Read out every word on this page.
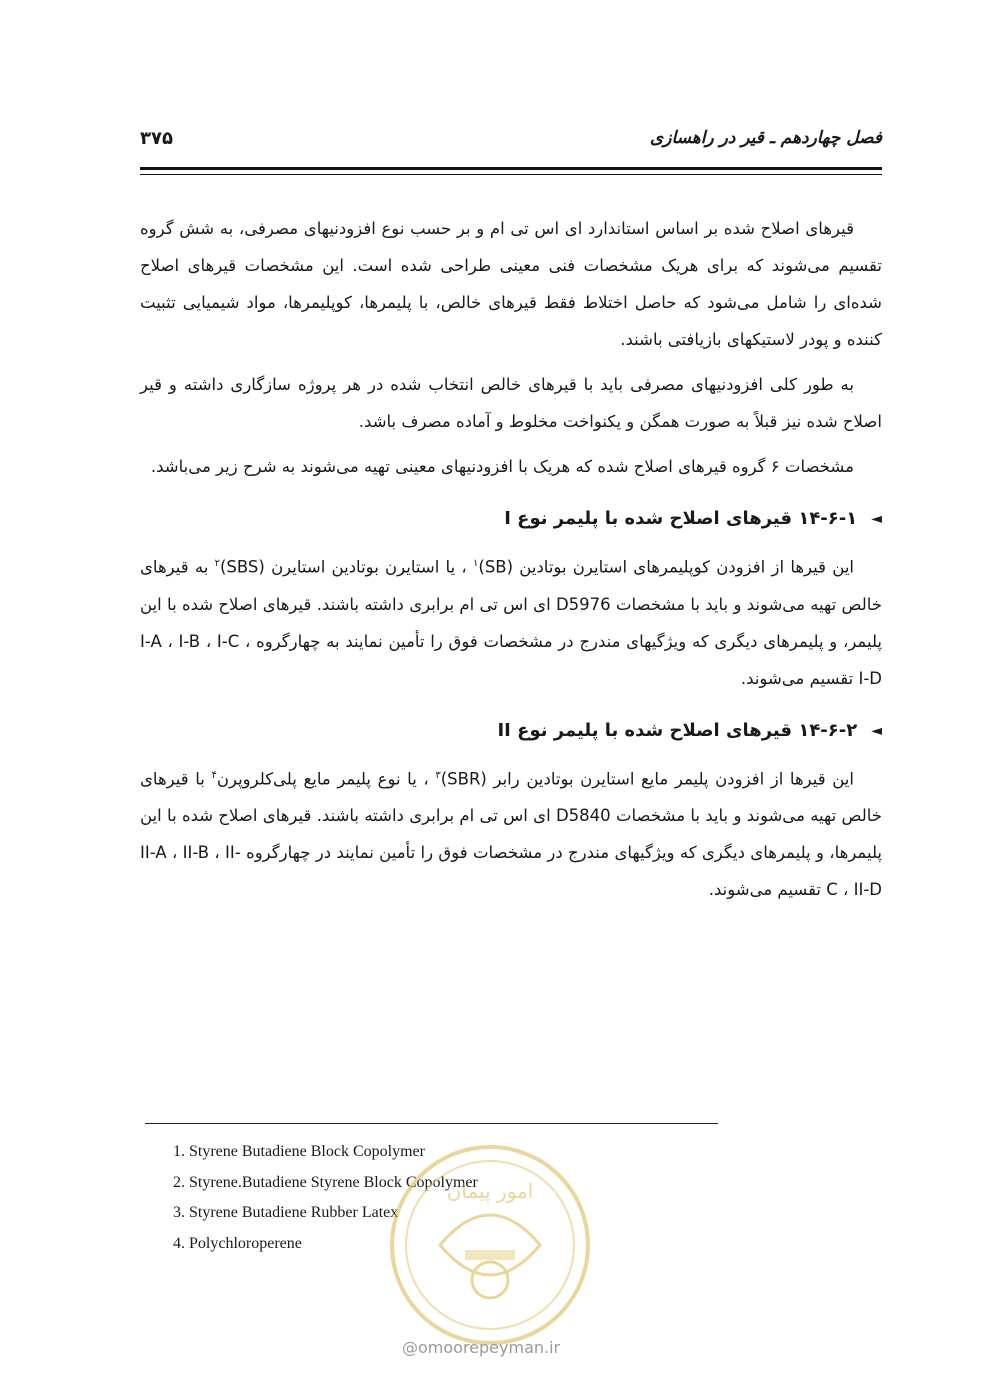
فصل چهاردهم ـ قیر در راهسازی
۳۷۵

قیرهای اصلاح شده بر اساس استاندارد ای اس تی ام و بر حسب نوع افزودنیهای مصرفی، به شش گروه تقسیم می‌شوند که برای هریک مشخصات فنی معینی طراحی شده است. این مشخصات قیرهای اصلاح شده‌ای را شامل می‌شود که حاصل اختلاط فقط قیرهای خالص، با پلیمرها، کوپلیمرها، مواد شیمیایی تثبیت کننده و پودر لاستیکهای بازیافتی باشند.

به طور کلی افزودنیهای مصرفی باید با قیرهای خالص انتخاب شده در هر پروژه سازگاری داشته و قیر اصلاح شده نیز قبلاً به صورت همگن و یکنواخت مخلوط و آماده مصرف باشد.

مشخصات ۶ گروه قیرهای اصلاح شده که هریک با افزودنیهای معینی تهیه می‌شوند به شرح زیر می‌باشد.

◄
۱۴-۶-۱ قیرهای اصلاح شده با پلیمر نوع I

این قیرها از افزودن کوپلیمرهای استایرن بوتادین (SB)$^۱$ ، یا استایرن بوتادین استایرن (SBS)$^۲$ به قیرهای خالص تهیه می‌شوند و باید با مشخصات D5976 ای اس تی ام برابری داشته باشند. قیرهای اصلاح شده با این پلیمر، و پلیمرهای دیگری که ویژگیهای مندرج در مشخصات فوق را تأمین نمایند به چهارگروه I-A ، I-B ، I-C ، I-D تقسیم می‌شوند.

◄
۱۴-۶-۲ قیرهای اصلاح شده با پلیمر نوع II

این قیرها از افزودن پلیمر مایع استایرن بوتادین رابر (SBR)$^۳$ ، یا نوع پلیمر مایع پلی‌کلروپرن$^۴$ با قیرهای خالص تهیه می‌شوند و باید با مشخصات D5840 ای اس تی ام برابری داشته باشند. قیرهای اصلاح شده با این پلیمرها، و پلیمرهای دیگری که ویژگیهای مندرج در مشخصات فوق را تأمین نمایند در چهارگروه II-A ، II-B ، II-C ، II-D تقسیم می‌شوند.

1. Styrene Butadiene Block Copolymer

2. Styrene.Butadiene Styrene Block Copolymer

3. Styrene Butadiene Rubber Latex

4. Polychloroperene

امور پیمان
@omoorepeyman.ir
